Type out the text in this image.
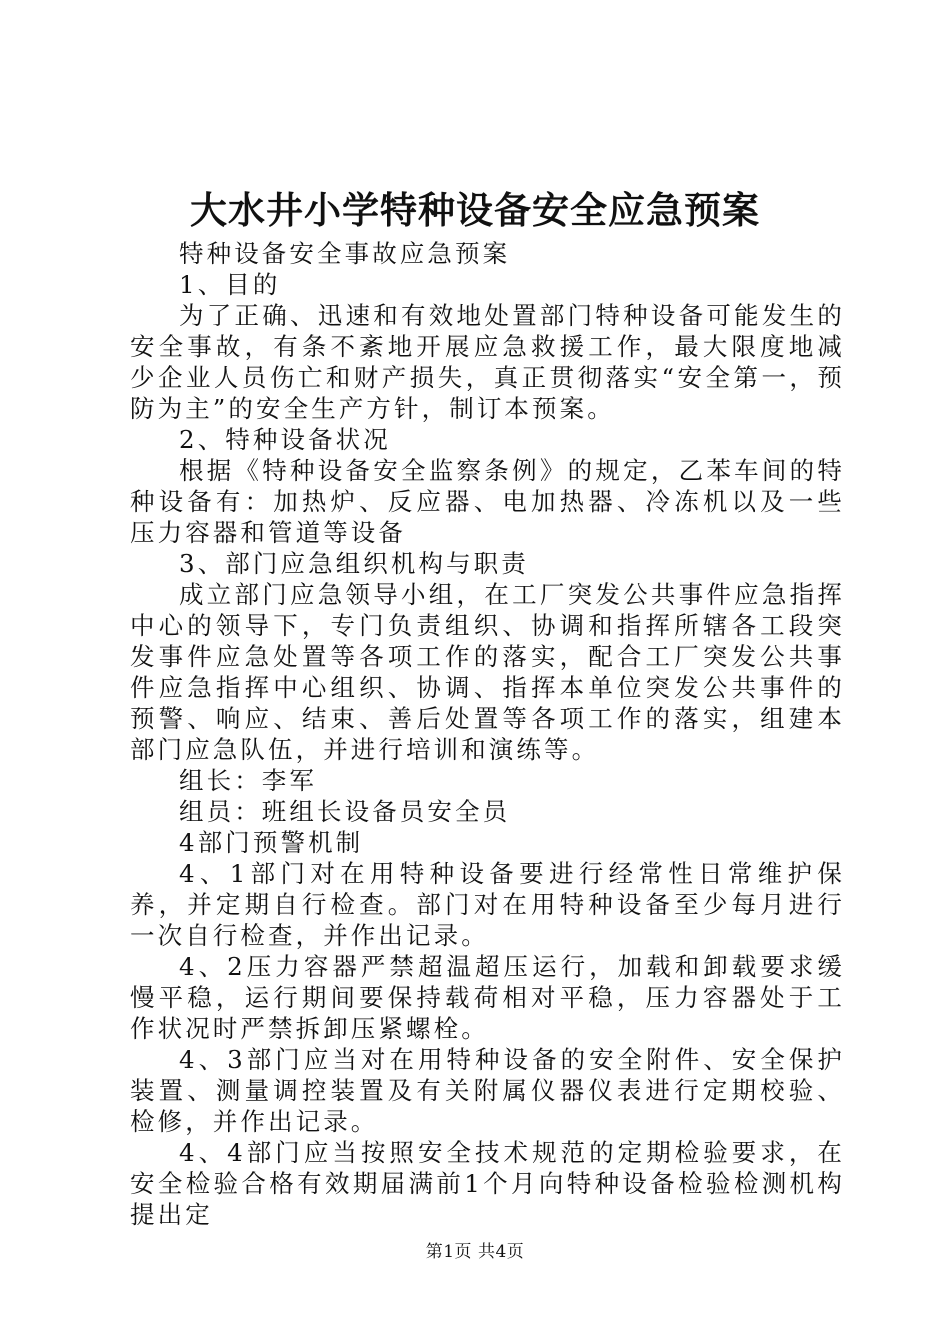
大水井小学特种设备安全应急预案

特种设备安全事故应急预案

1、目的

为了正确、迅速和有效地处置部门特种设备可能发生的安全事故，有条不紊地开展应急救援工作，最大限度地减少企业人员伤亡和财产损失，真正贯彻落实“安全第一，预防为主”的安全生产方针，制订本预案。

2、特种设备状况

根据《特种设备安全监察条例》的规定，乙苯车间的特种设备有：加热炉、反应器、电加热器、冷冻机以及一些压力容器和管道等设备

3、部门应急组织机构与职责

成立部门应急领导小组，在工厂突发公共事件应急指挥中心的领导下，专门负责组织、协调和指挥所辖各工段突发事件应急处置等各项工作的落实，配合工厂突发公共事件应急指挥中心组织、协调、指挥本单位突发公共事件的预警、响应、结束、善后处置等各项工作的落实，组建本部门应急队伍，并进行培训和演练等。

组长：李军

组员：班组长设备员安全员

4部门预警机制

4、1部门对在用特种设备要进行经常性日常维护保养，并定期自行检查。部门对在用特种设备至少每月进行一次自行检查，并作出记录。

4、2压力容器严禁超温超压运行，加载和卸载要求缓慢平稳，运行期间要保持载荷相对平稳，压力容器处于工作状况时严禁拆卸压紧螺栓。

4、3部门应当对在用特种设备的安全附件、安全保护装置、测量调控装置及有关附属仪器仪表进行定期校验、检修，并作出记录。

4、4部门应当按照安全技术规范的定期检验要求，在安全检验合格有效期届满前1个月向特种设备检验检测机构提出定

第1页 共4页
